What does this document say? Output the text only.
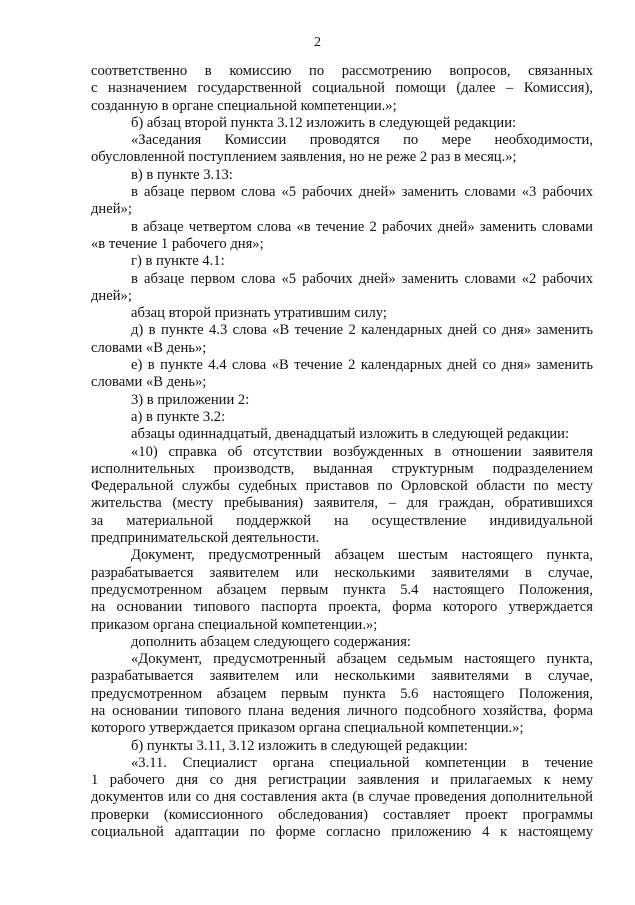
2
соответственно в комиссию по рассмотрению вопросов, связанных
с назначением государственной социальной помощи (далее – Комиссия),
созданную в органе специальной компетенции.»;
б) абзац второй пункта 3.12 изложить в следующей редакции:
«Заседания Комиссии проводятся по мере необходимости,
обусловленной поступлением заявления, но не реже 2 раз в месяц.»;
в) в пункте 3.13:
в абзаце первом слова «5 рабочих дней» заменить словами «3 рабочих
дней»;
в абзаце четвертом слова «в течение 2 рабочих дней» заменить словами
«в течение 1 рабочего дня»;
г) в пункте 4.1:
в абзаце первом слова «5 рабочих дней» заменить словами «2 рабочих
дней»;
абзац второй признать утратившим силу;
д) в пункте 4.3 слова «В течение 2 календарных дней со дня» заменить
словами «В день»;
е) в пункте 4.4 слова «В течение 2 календарных дней со дня» заменить
словами «В день»;
3) в приложении 2:
а) в пункте 3.2:
абзацы одиннадцатый, двенадцатый изложить в следующей редакции:
«10) справка об отсутствии возбужденных в отношении заявителя
исполнительных производств, выданная структурным подразделением
Федеральной службы судебных приставов по Орловской области по месту
жительства (месту пребывания) заявителя, – для граждан, обратившихся
за материальной поддержкой на осуществление индивидуальной
предпринимательской деятельности.
Документ, предусмотренный абзацем шестым настоящего пункта,
разрабатывается заявителем или несколькими заявителями в случае,
предусмотренном абзацем первым пункта 5.4 настоящего Положения,
на основании типового паспорта проекта, форма которого утверждается
приказом органа специальной компетенции.»;
дополнить абзацем следующего содержания:
«Документ, предусмотренный абзацем седьмым настоящего пункта,
разрабатывается заявителем или несколькими заявителями в случае,
предусмотренном абзацем первым пункта 5.6 настоящего Положения,
на основании типового плана ведения личного подсобного хозяйства, форма
которого утверждается приказом органа специальной компетенции.»;
б) пункты 3.11, 3.12 изложить в следующей редакции:
«3.11. Специалист органа специальной компетенции в течение
1 рабочего дня со дня регистрации заявления и прилагаемых к нему
документов или со дня составления акта (в случае проведения дополнительной
проверки (комиссионного обследования) составляет проект программы
социальной адаптации по форме согласно приложению 4 к настоящему
